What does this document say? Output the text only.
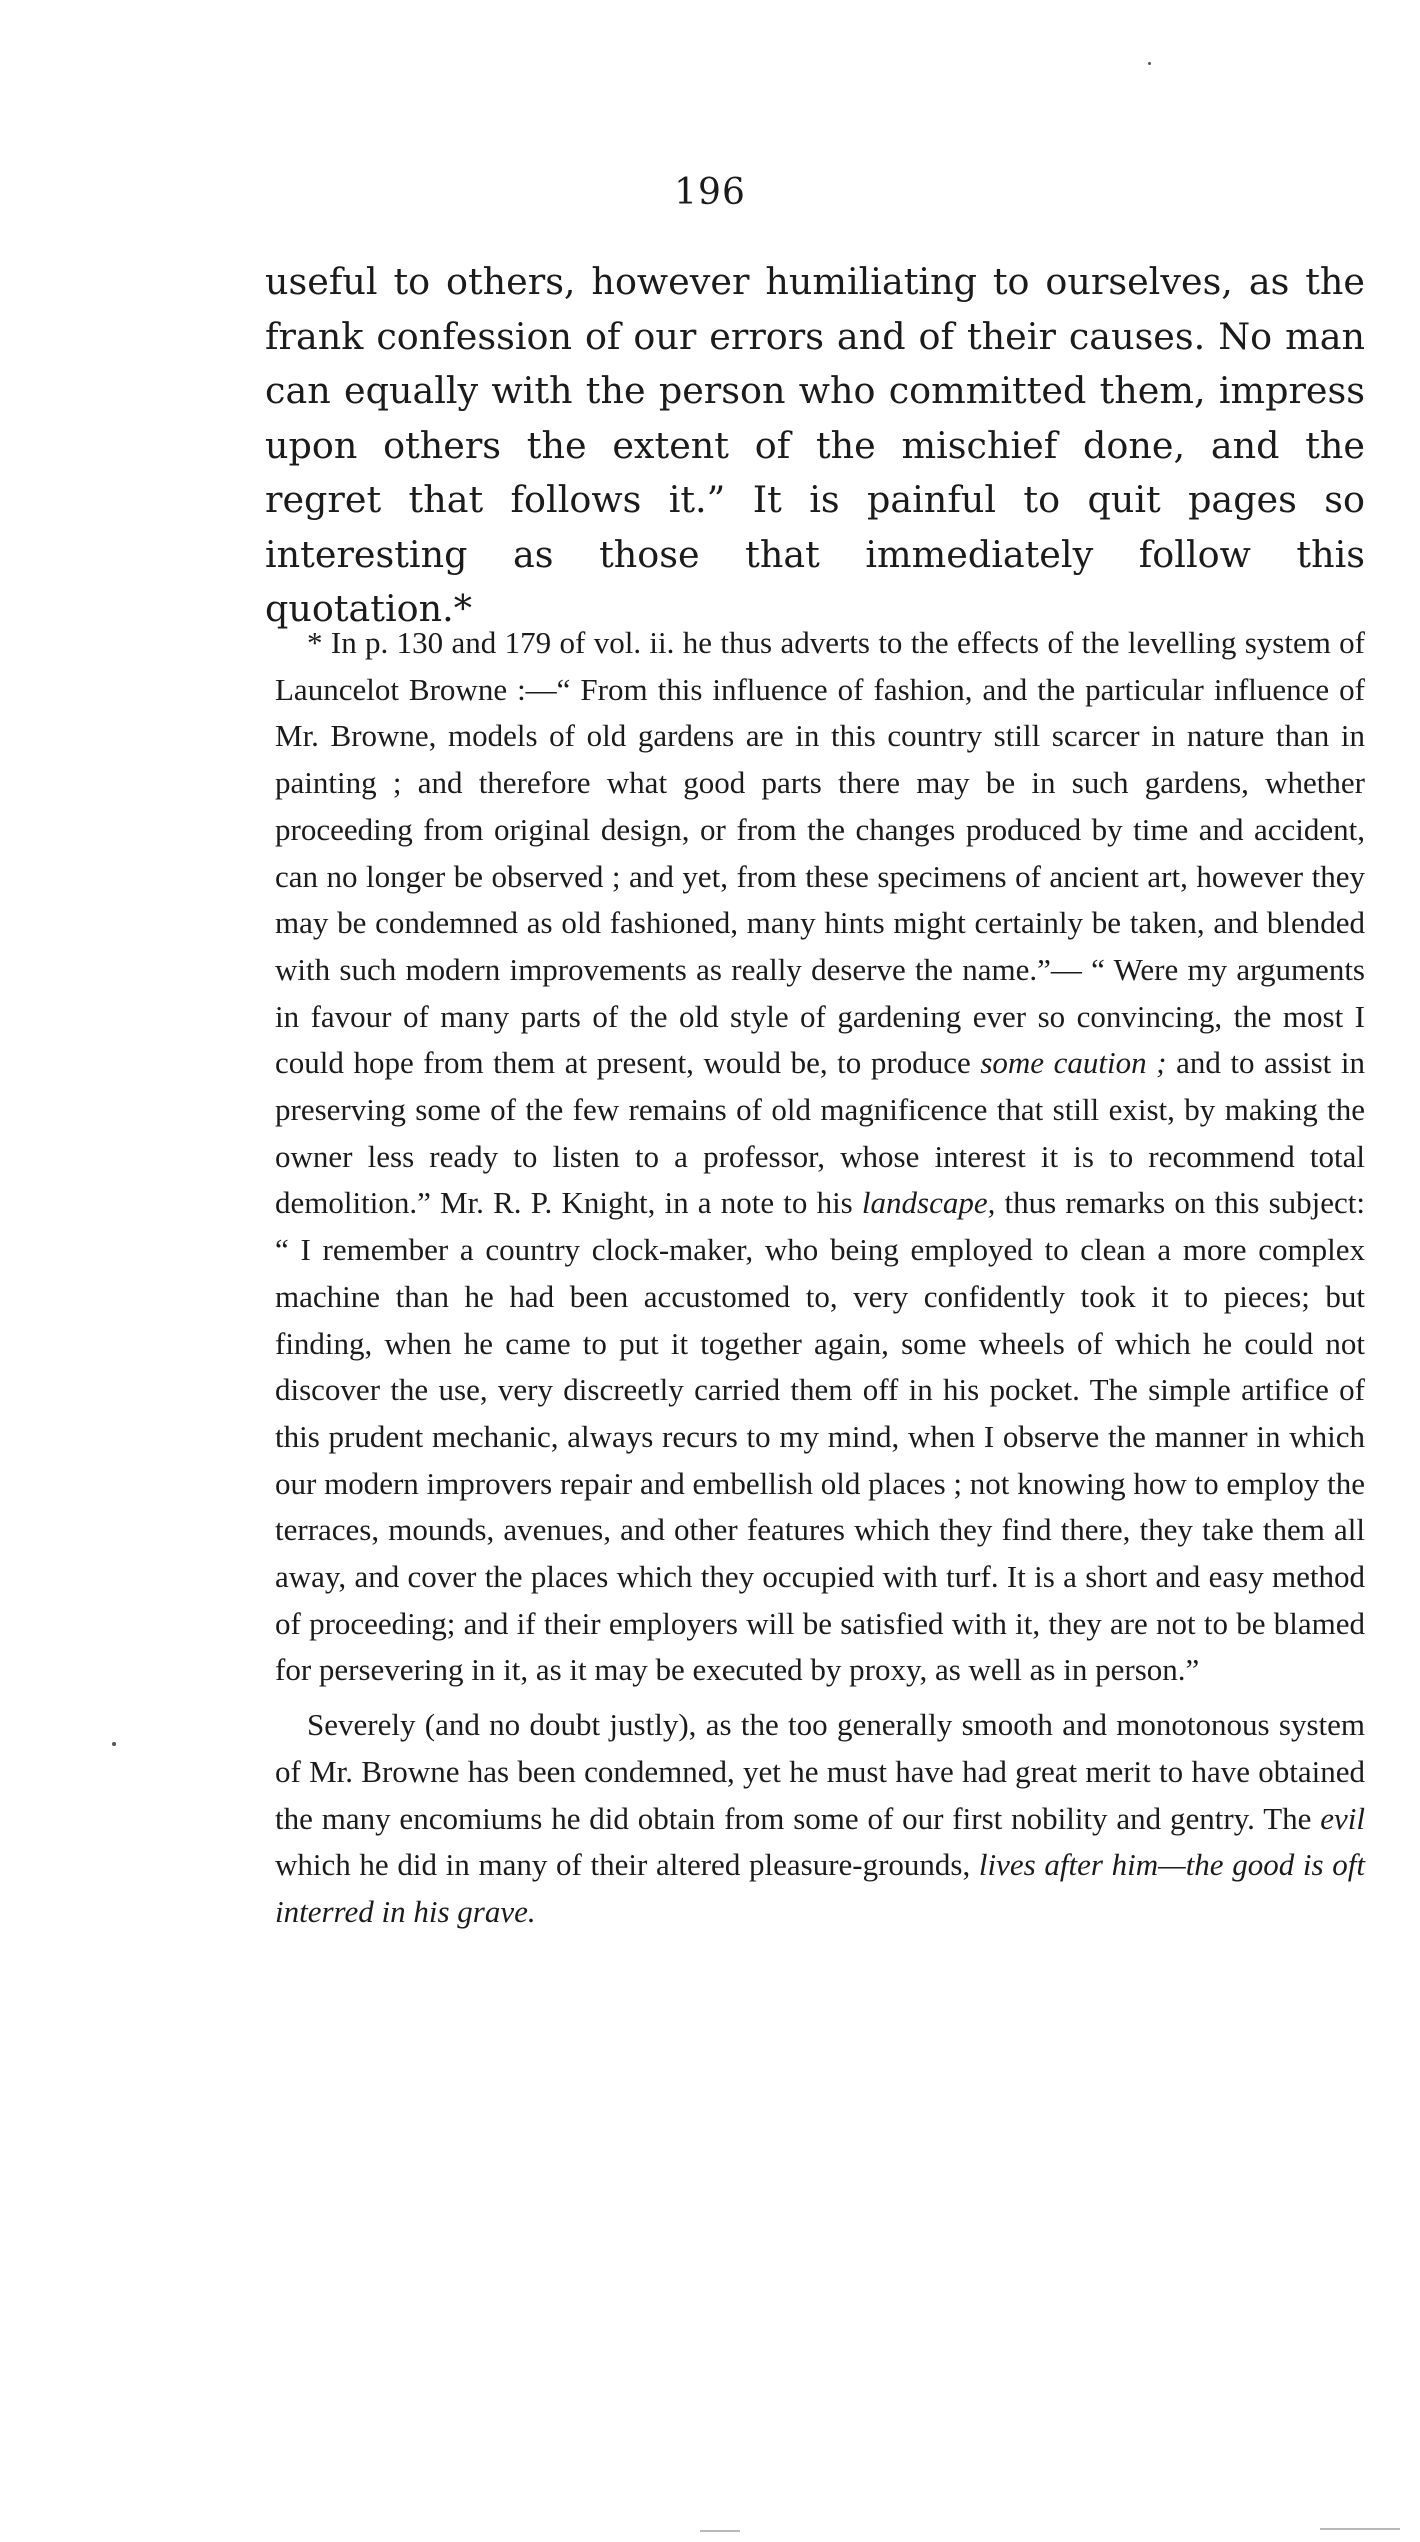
196

useful to others, however humiliating to ourselves, as the frank confession of our errors and of their causes. No man can equally with the person who committed them, impress upon others the extent of the mischief done, and the regret that follows it.” It is painful to quit pages so interesting as those that immediately follow this quotation.*

* In p. 130 and 179 of vol. ii. he thus adverts to the effects of the levelling system of Launcelot Browne :—“ From this influence of fashion, and the particular influence of Mr. Browne, models of old gardens are in this country still scarcer in nature than in painting ; and therefore what good parts there may be in such gardens, whether proceeding from original design, or from the changes produced by time and accident, can no longer be observed ; and yet, from these specimens of ancient art, however they may be condemned as old fashioned, many hints might certainly be taken, and blended with such modern improvements as really deserve the name.”— “ Were my arguments in favour of many parts of the old style of gardening ever so convincing, the most I could hope from them at present, would be, to produce some caution ; and to assist in preserving some of the few remains of old magnificence that still exist, by making the owner less ready to listen to a professor, whose interest it is to recommend total demolition.” Mr. R. P. Knight, in a note to his landscape, thus remarks on this subject: “ I remember a country clock-maker, who being employed to clean a more complex machine than he had been accustomed to, very confidently took it to pieces; but finding, when he came to put it together again, some wheels of which he could not discover the use, very discreetly carried them off in his pocket. The simple artifice of this prudent mechanic, always recurs to my mind, when I observe the manner in which our modern improvers repair and embellish old places ; not knowing how to employ the terraces, mounds, avenues, and other features which they find there, they take them all away, and cover the places which they occupied with turf. It is a short and easy method of proceeding; and if their employers will be satisfied with it, they are not to be blamed for persevering in it, as it may be executed by proxy, as well as in person.”

Severely (and no doubt justly), as the too generally smooth and monotonous system of Mr. Browne has been condemned, yet he must have had great merit to have obtained the many encomiums he did obtain from some of our first nobility and gentry. The evil which he did in many of their altered pleasure-grounds, lives after him—the good is oft interred in his grave.
